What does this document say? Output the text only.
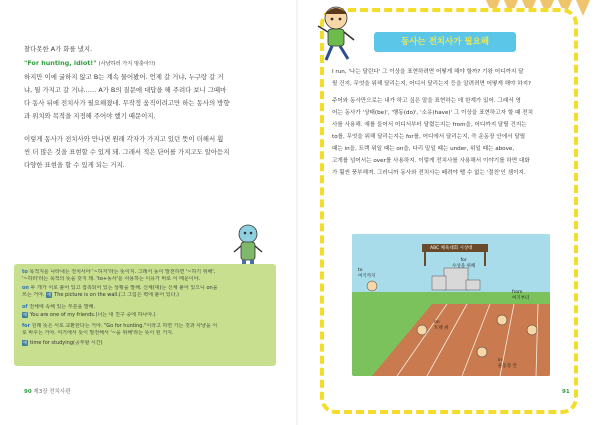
찰다못한 A가 화를 냈지.
"For hunting, idiot!" (사냥하러 가지 멍충아!!)
하지만 이에 굴하지 않고 B는 계속 물어봤어. 언제 갈 거냐, 누구랑 갈 거
냐, 뭘 가지고 갈 거냐…… A가 B의 질문에 대답을 해 주려다 보니 그때마
다 동사 뒤에 전치사가 필요해졌네. 무작정 움직이려고만 하는 동사의 방향
과 위치와 목적을 지정해 주어야 했기 때문이지.
이렇게 동사가 전치사와 만나면 원래 각자가 가지고 있던 뜻이 더해서 훨
씬 더 많은 것을 표현할 수 있게 돼. 그래서 적은 단어를 가지고도 알아듣지
다양한 표현을 할 수 있게 되는 거지.
to 목적지를 나타내는 전치사야 '~하지'라는 뜻이지. 그래서 동이 발전하면 '~하기 위해',
'~하러'라는 목적의 뜻을 갖지 돼. 'to+동사'를 사용하는 이유가 바로 이 때문이야.
on 두 개가 서로 붙어 있고 접촉되어 있는 상황을 말해. 신체(대)는 신체 붙어 있으니 on을
쓰는 거야. 예 The picture is on the wall.(그 그림은 벽에 붙어 있다.)
of 전체에 속해 있는 부분을 말해.
예 You are one of my friends.(너는 내 친구 중에 하나야.)
for 원래 뜻은 서로 교환한다는 거야. "Go for hunting."이라고 하면 가는 것과 사냥을 서
로 바꾸는 거야. 여기에서 뜻이 발전해서 '~을 위해'라는 뜻이 된 거지.
예 time for studying(공부할 시간)
90 제3장 전치사편
동사는 전치사가 필요해
I run, '나는 달린다' 그 이상을 표현하려면 어떻게 해야 할까? 기왕 어디까지 달
릴 건지, 무엇을 위해 달리는지, 어디서 달리는지 등을 알려려면 어떻게 해야 하지?
주어와 동사만으로는 내가 하고 싶은 말을 표현하는 데 한계가 있어. 그래서 영
어는 동사가 '상태(be)', '행동(do)', '소유(have)' 그 이상을 표현하고자 할 때 전치
사를 사용해. 예를 들어서 어디서부터 달렸는지는 from을, 어디까지 달릴 건지는
to를, 무엇을 위해 달리는지는 for를, 어디에서 달리는지, 즉 운동장 안에서 달릴
때는 in을, 트랙 위일 때는 on을, 다리 밑일 때는 under, 위일 때는 above,
고개를 넘어서는 over를 사용하지. 이렇게 전치사를 사용해서 이야기를 하면 대화
가 훨씬 풍부해져. 그러니까 동사와 전치사는 떼려야 뗄 수 없는 '절친'인 셈이지.
ABC 체육대회 시상대
for
수상을 위해
to
여기까지
from
여기부터
on
트랙 위
in
운동장 안
91
